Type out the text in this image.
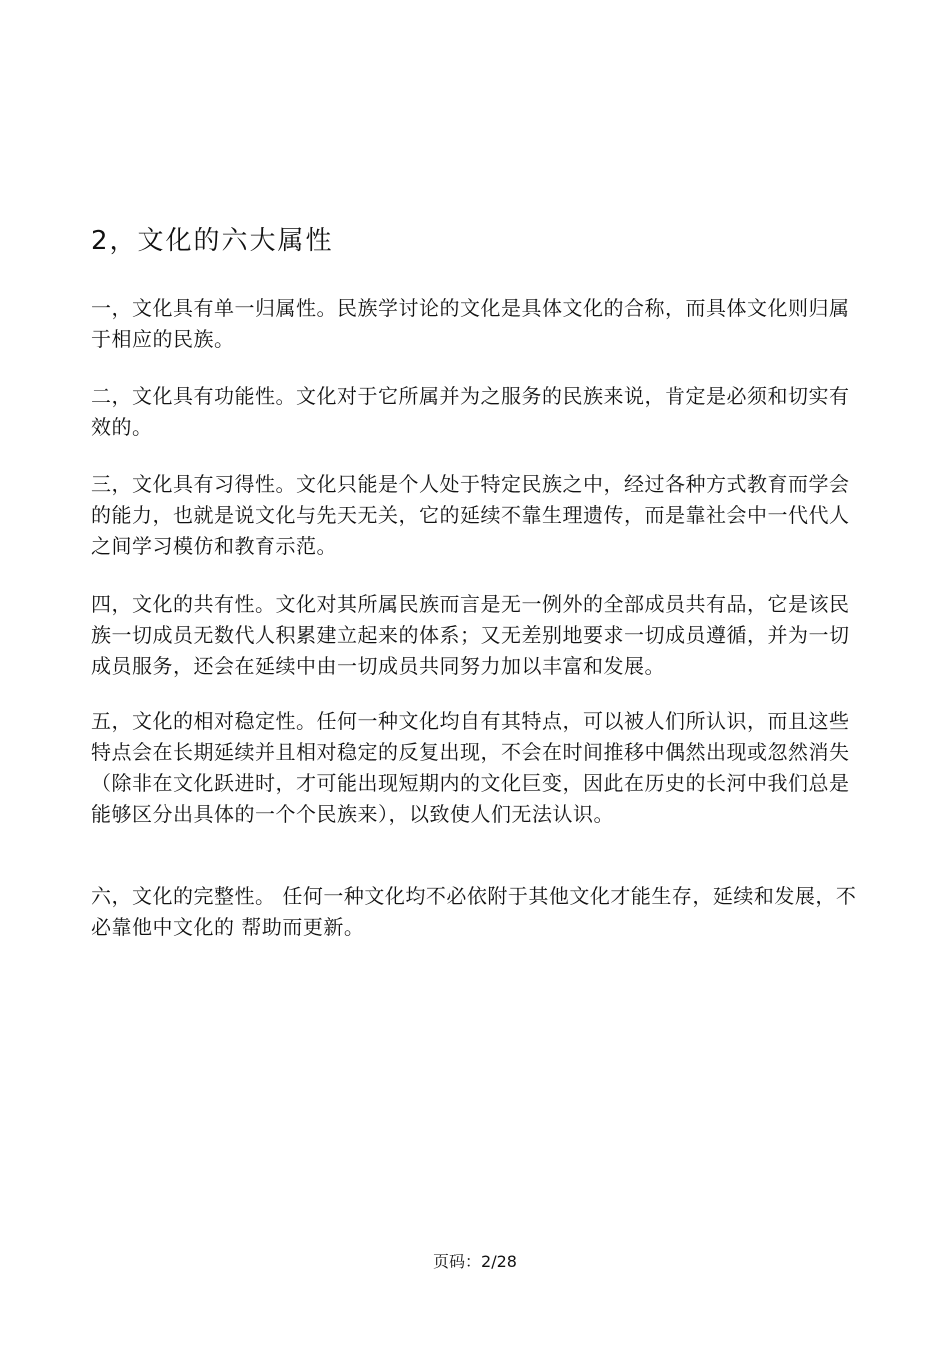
2，文化的六大属性

一，文化具有单一归属性。民族学讨论的文化是具体文化的合称，而具体文化则归属于相应的民族。

二，文化具有功能性。文化对于它所属并为之服务的民族来说，肯定是必须和切实有效的。

三，文化具有习得性。文化只能是个人处于特定民族之中，经过各种方式教育而学会的能力，也就是说文化与先天无关，它的延续不靠生理遗传，而是靠社会中一代代人之间学习模仿和教育示范。

四，文化的共有性。文化对其所属民族而言是无一例外的全部成员共有品，它是该民族一切成员无数代人积累建立起来的体系；又无差别地要求一切成员遵循，并为一切成员服务，还会在延续中由一切成员共同努力加以丰富和发展。

五，文化的相对稳定性。任何一种文化均自有其特点，可以被人们所认识，而且这些特点会在长期延续并且相对稳定的反复出现，不会在时间推移中偶然出现或忽然消失（除非在文化跃进时，才可能出现短期内的文化巨变，因此在历史的长河中我们总是能够区分出具体的一个个民族来），以致使人们无法认识。

六，文化的完整性。 任何一种文化均不必依附于其他文化才能生存，延续和发展，不必靠他中文化的 帮助而更新。

页码：2/28
